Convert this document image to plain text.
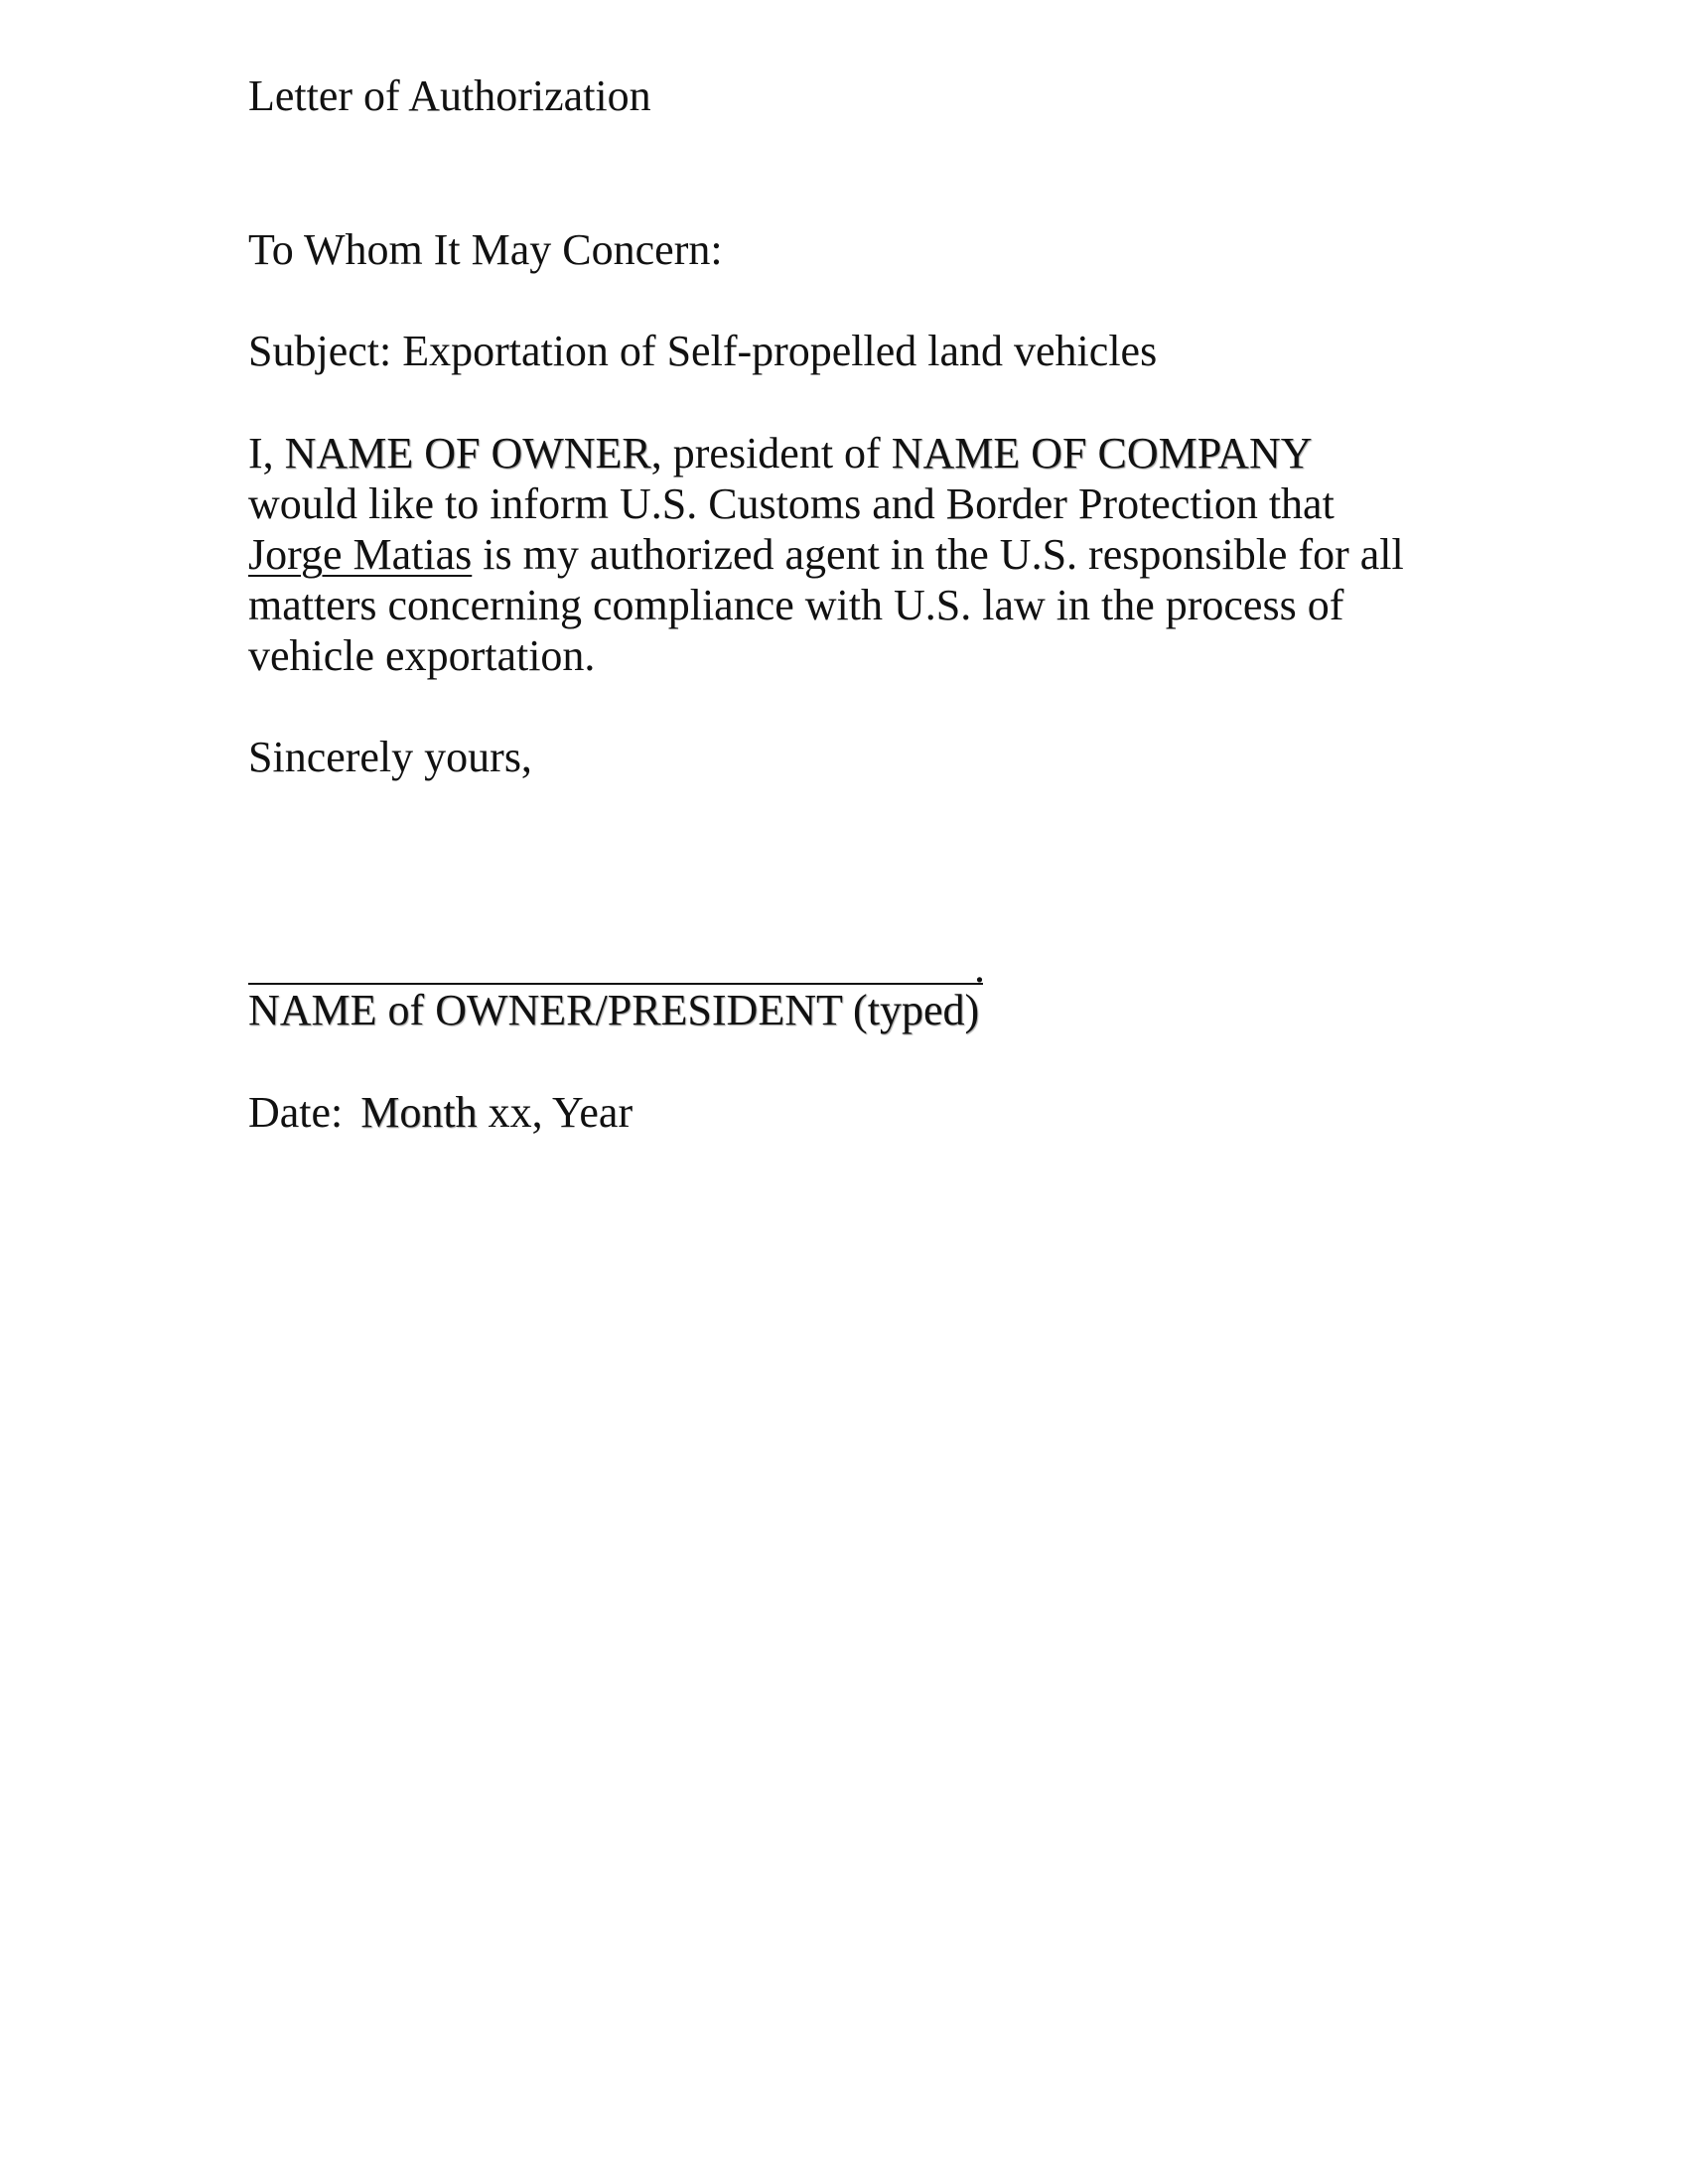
Letter of Authorization
To Whom It May Concern:
Subject: Exportation of Self-propelled land vehicles
I, NAME OF OWNER, president of NAME OF COMPANY
would like to inform U.S. Customs and Border Protection that
Jorge Matias is my authorized agent in the U.S. responsible for all
matters concerning compliance with U.S. law in the process of
vehicle exportation.
Sincerely yours,
.
NAME of OWNER/PRESIDENT (typed)
Date: Month xx, Year
